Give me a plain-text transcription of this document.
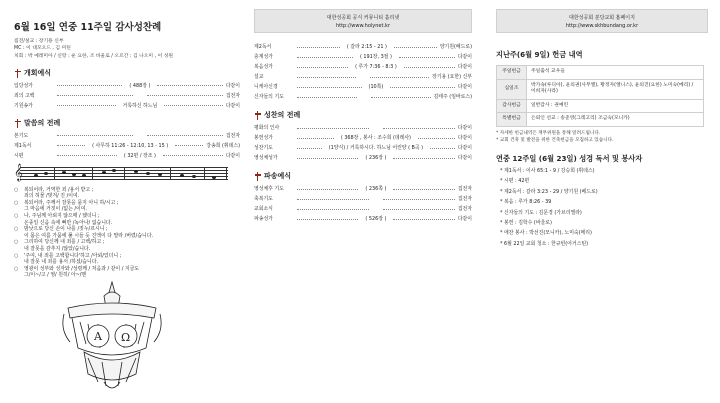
6월 16일 연중 11주일 감사성찬례
집전/설교 : 장기용 신부
MC : 이 대모오드 , 김 미틴
치회 : 박 예레미아 / 신랑 : 운 요한, 조 바울로 / 오르간 : 김 나오미 , 이 성원
개회예식
입당성가	( 488장 )	다같이
죄의 고백	집전자
기원송가	거룩하신 하느님	다같이
말씀의 전례
본기도	집전자
제1독서	( 사무하 11:26 - 12:10, 13 - 15 )	강송희 (휘데스)
시편	( 32편 / 장조 )	다같이
𝄞
○	복되어라, 거역한 죄 /용서 받고 ;
죄의 허물 /벗겨/ 진 /이여.
○	복되어라, 주께서 잘못을 묻지 아니 하/시고 ;
그 마음에 거짓이 /없는 /이여.
○	나, 주님께 아뢰지 않으매 / 했더니 ;
온종일 신음 속에 뼈만 /녹아나/ 없습니다.
○	밤낮으로 당신 손이 나를 /짓누/르시니 ;
이 몸은 여름 가뭄에 풀 시들 듯 진액이 다 말라 /버렸/습니다.
○	그리하여 당신께 내 죄를 / 고백/하고 ;
내 잘못을 감추지 /않았/습니다.
○	'주여, 내 죄를 고백합니다'하고 /아뢰/었더니 ;
내 잘못 내 죄를 용서 /하셨/습니다.
○	영광이 성부와 성자와 /성령께 / 처음과 / 같이 / 지금도
그/이~/고 / 영/ 원히/ 아~/멘
대한성공회 공식 커뮤니티 홀리넷
http://www.holynet.kr
제2독서	( 갈라 2:15 - 21 )	양기원(베드로)
층계성가	( 191장, 3절 )	다같이
복음성가	( 루가 7:36 - 8:3 )	다같이
설교	장기용 (요한) 신부
니케아신경	(10쪽)	다같이
신자들의 기도	김태주 (임바로스)
성찬의 전례
평화의 인사	다같이
봉헌성가	( 368장 , 봉사 : 조수희 (데레사)	다같이
성찬기도	(1양식) / 거룩하시다. 하느님 어린양 ( B곡 )	다같이
영성체성가	( 236장 )	다같이
파송예식
영성체후 기도	( 236쪽 )	집전자
축복기도	집전자
교회소식	집전자
파송성가	( 526장 )	다같이
A Ω
대한성공회 분당교회 홈페이지
http://www.skhbundang.or.kr
지난주(6월 9일) 헌금 내역
주일헌금	주일출석 교우들
십일조	박가속(루디아), 윤의권(사무엘), 황정자(엘니스), 윤의진(요한) 노미숙(메리) / 이희자(사라)
감사헌금	일반감사 : 권예린
특별헌금	은퇴인 선교 : 송준영(그레고리) 조금숙(모니카)
* 자세한 헌금내역은 재무위원을 통해 알려드립니다.
* 교회 건축 및 발전을 위한 건축헌금을 모집하고 있습니다.
연중 12주일 (6월 23일) 성경 독서 및 봉사자
* 제1독서 : 이사 65:1 - 9 / 강승희 (휘데스)
* 시편 : 42편
* 제2독서 : 갈라 3:23 - 29 / 양기원 (베드로)
* 복음 : 루가 8:26 - 39
* 신자들의 기도 : 김문경 (가브리엘라)
* 봉헌 : 김학수 (바울로)
* 애찬 봉사 : 박선진(모니카), 노미숙(메리)
* 6월 22일 교회 청소 : 한규빈(어거스틴)
